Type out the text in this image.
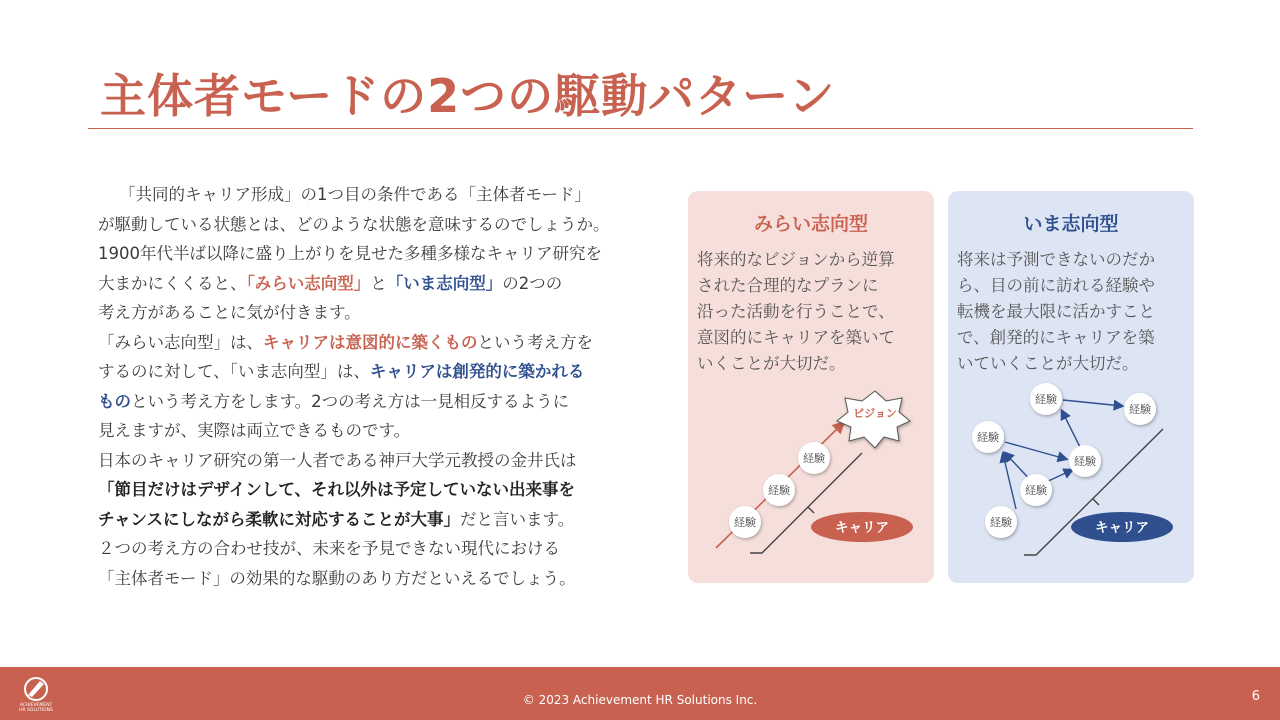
主体者モードの2つの駆動パターン

「共同的キャリア形成」の1つ目の条件である「主体者モード」

が駆動している状態とは、どのような状態を意味するのでしょうか。

1900年代半ば以降に盛り上がりを見せた多種多様なキャリア研究を

大まかにくくると、「みらい志向型」と「いま志向型」の2つの

考え方があることに気が付きます。

「みらい志向型」は、キャリアは意図的に築くものという考え方を

するのに対して、「いま志向型」は、キャリアは創発的に築かれる

ものという考え方をします。2つの考え方は一見相反するように

見えますが、実際は両立できるものです。

日本のキャリア研究の第一人者である神戸大学元教授の金井氏は

「節目だけはデザインして、それ以外は予定していない出来事を

チャンスにしながら柔軟に対応することが大事」だと言います。

２つの考え方の合わせ技が、未来を予見できない現代における

「主体者モード」の効果的な駆動のあり方だといえるでしょう。

みらい志向型
将来的なビジョンから逆算
された合理的なプランに
沿った活動を行うことで、
意図的にキャリアを築いて
いくことが大切だ。
ビジョン
経験
経験
経験
キャリア
いま志向型
将来は予測できないのだか
ら、目の前に訪れる経験や
転機を最大限に活かすこと
で、創発的にキャリアを築
いていくことが大切だ。
経験
経験
経験
経験
経験
経験	キャリア
ACHIEVEMENT
HR SOLUTIONS
© 2023 Achievement HR Solutions Inc.	6
